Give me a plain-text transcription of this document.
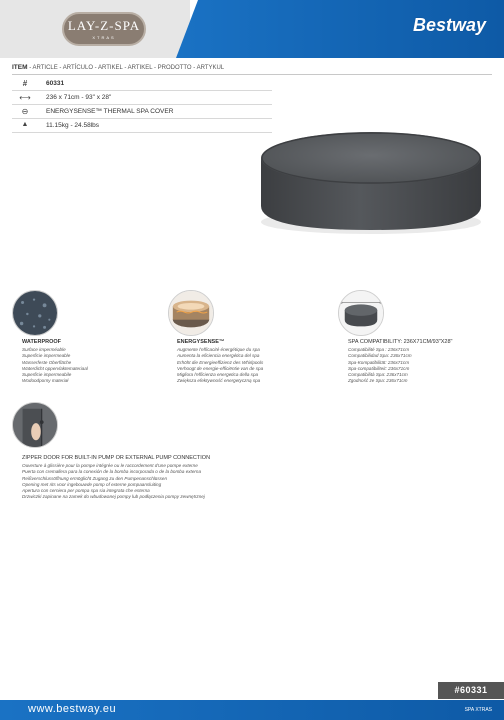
LAY-Z-SPA
XTRAS
Bestway
ITEM - ARTICLE - ARTÍCULO - ARTIKEL - ARTIKEL - PRODOTTO - ARTYKUL
#	60331
⟷ 236 x 71cm - 93" x 28"
⊖	ENERGYSENSE™ THERMAL SPA COVER
▲	11.15kg - 24.58lbs
WATERPROOF
Surface imperméable
Superficie impermeable
Wasserfeste Oberfläche
Waterdicht oppervlaktemateriaal
Superficie impermeabile
Wodoodporny materiał
ENERGYSENSE™
Augmente l'efficacité énergétique du spa
Aumenta la eficiencia energética del spa
Erhöht die Energieeffizienz des Whirlpools
Verhoogt de energie-efficiëntie van de spa
Migliora l'efficienza energetica della spa
Zwiększa efektywność energetyczną spa
SPA COMPATIBILITY: 236X71CM/93"X28"
Compatibilité Spa : 236x71cm
Compatibilidad Spa: 236x71cm
Spa-Kompatibilität: 236x71cm
Spa-compatibiliteit: 236x71cm
Compatibilità Spa: 236x71cm
Zgodność ze Spa: 236x71cm
ZIPPER DOOR FOR BUILT-IN PUMP OR EXTERNAL PUMP CONNECTION
Ouverture à glissière pour la pompe intégrée ou le raccordement d'une pompe externe
Puerta con cremallera para la conexión de la bomba incorporada o de la bomba externa
Reißverschlussöffnung ermöglicht Zugang zu den Pumpenanschlüssen
Opening met rits voor ingebouwde pomp of externe pompaansluiting
Apertura con cerniera per pompa spa sia integrata che esterna
Drzwiczki zapinane na zamek do wbudowanej pompy lub podłączenia pompy zewnętrznej
#60331
www.bestway.eu	SPA XTRAS
